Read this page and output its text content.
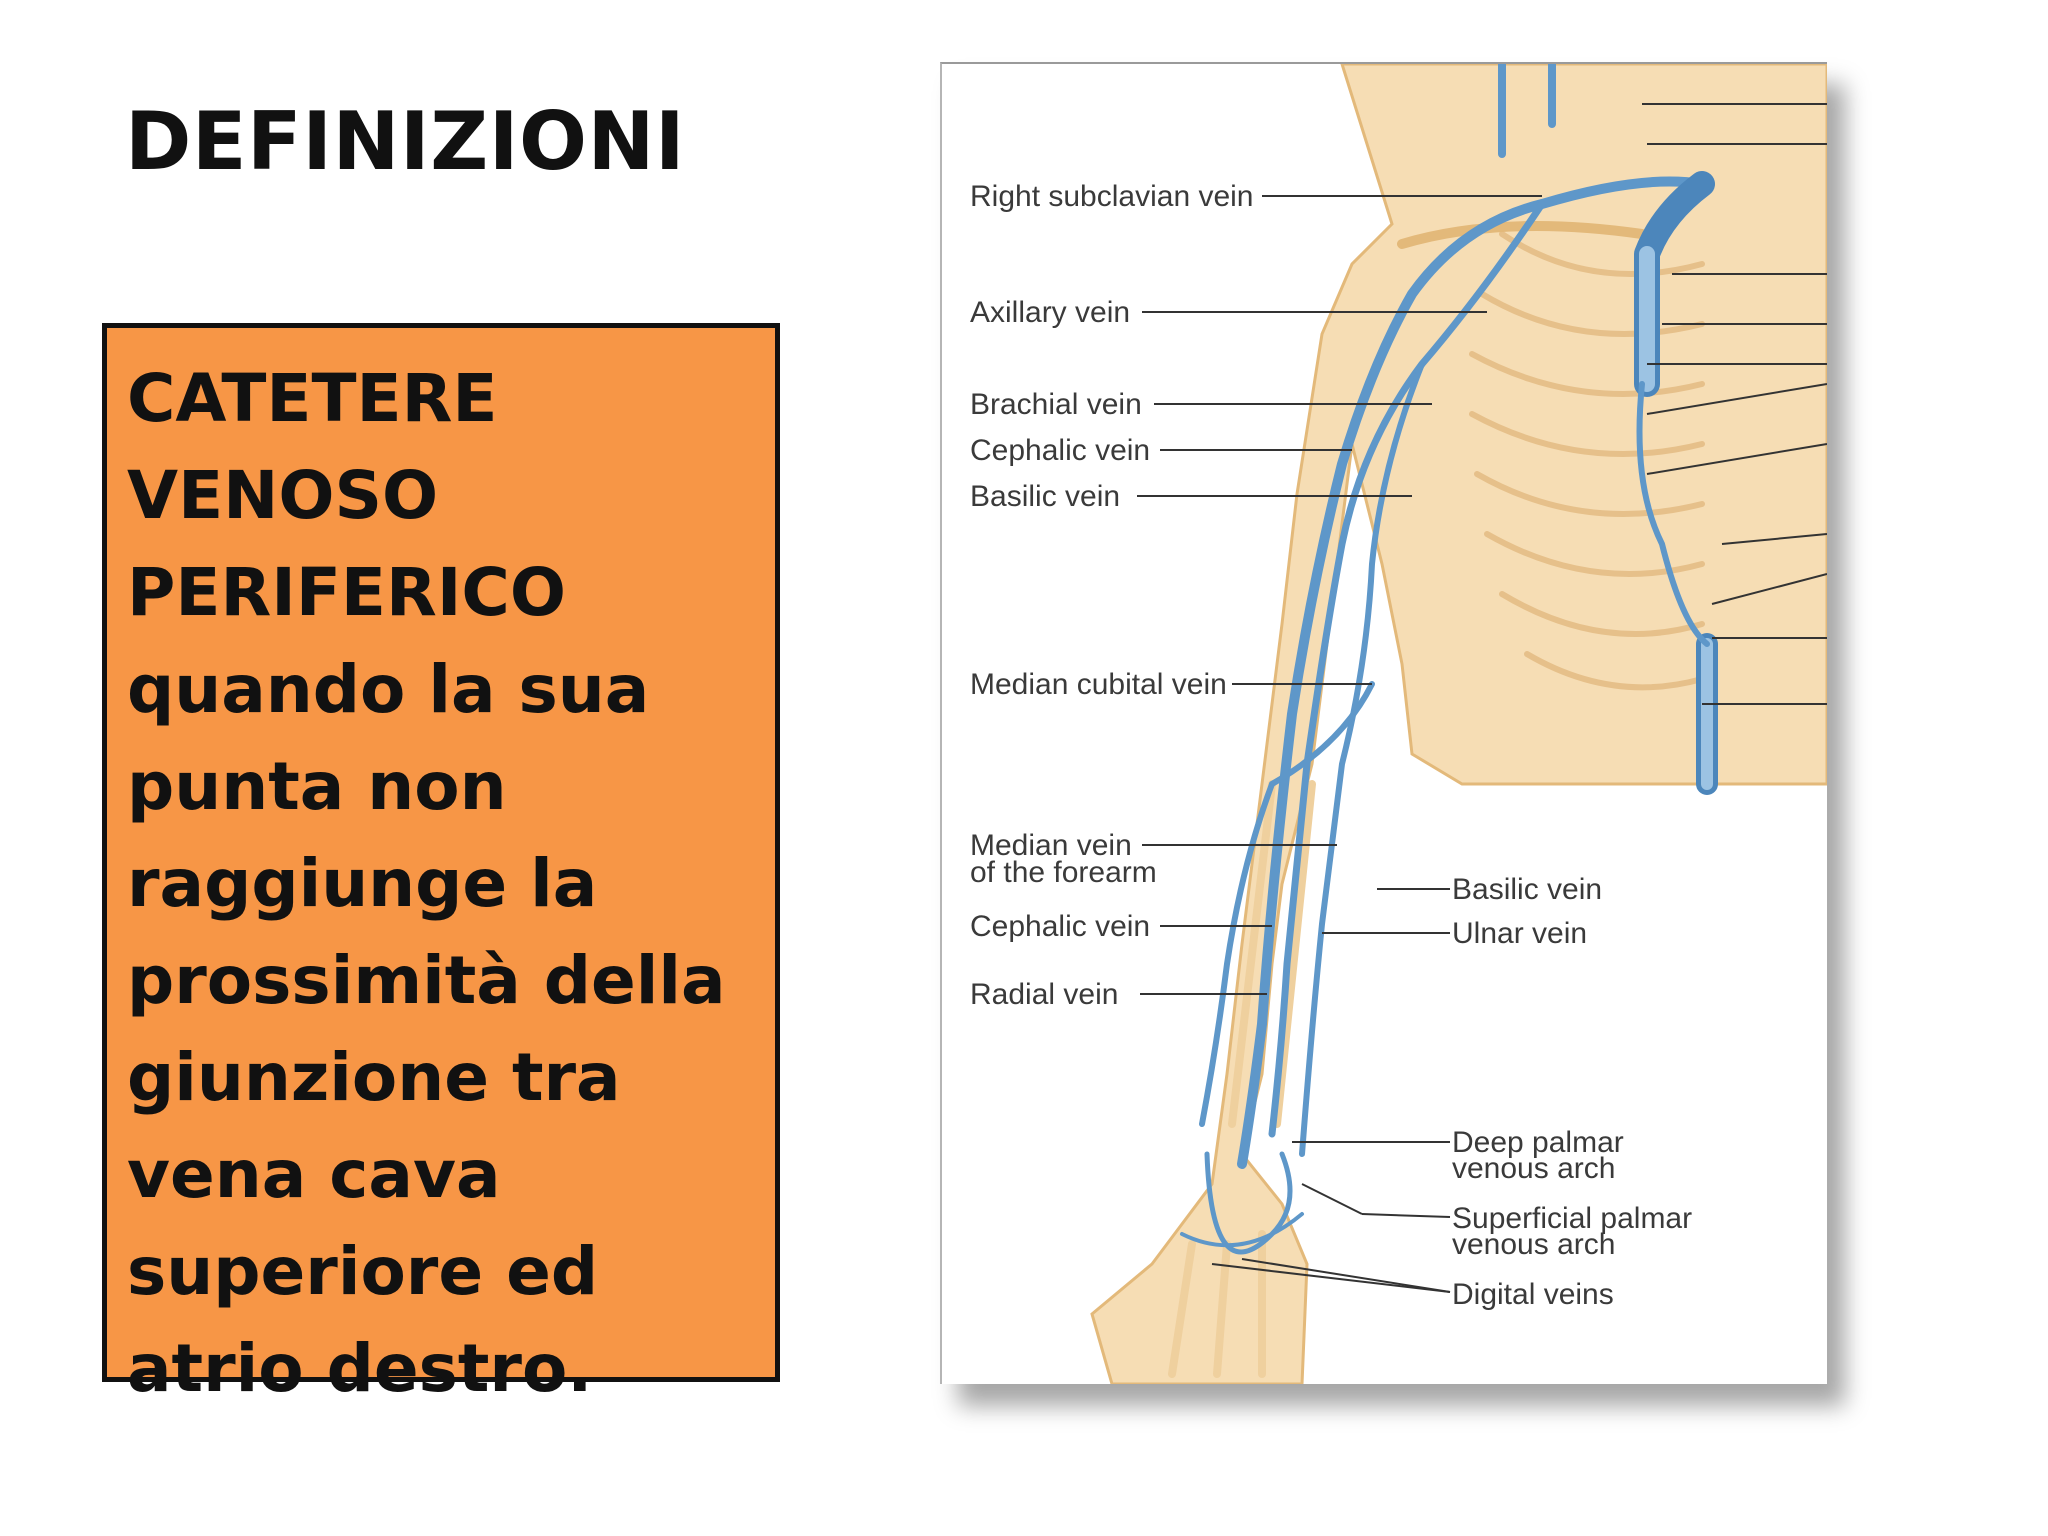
DEFINIZIONI

CATETERE VENOSO
PERIFERICO
quando la sua punta non raggiunge la prossimità della giunzione tra vena cava superiore ed atrio destro.

Right subclavian vein
Axillary vein
Brachial vein
Cephalic vein
Basilic vein
Median cubital vein
Median vein
of the forearm
Cephalic vein
Radial vein
Basilic vein
Ulnar vein
Deep palmar
venous arch
Superficial palmar
venous arch
Digital veins
